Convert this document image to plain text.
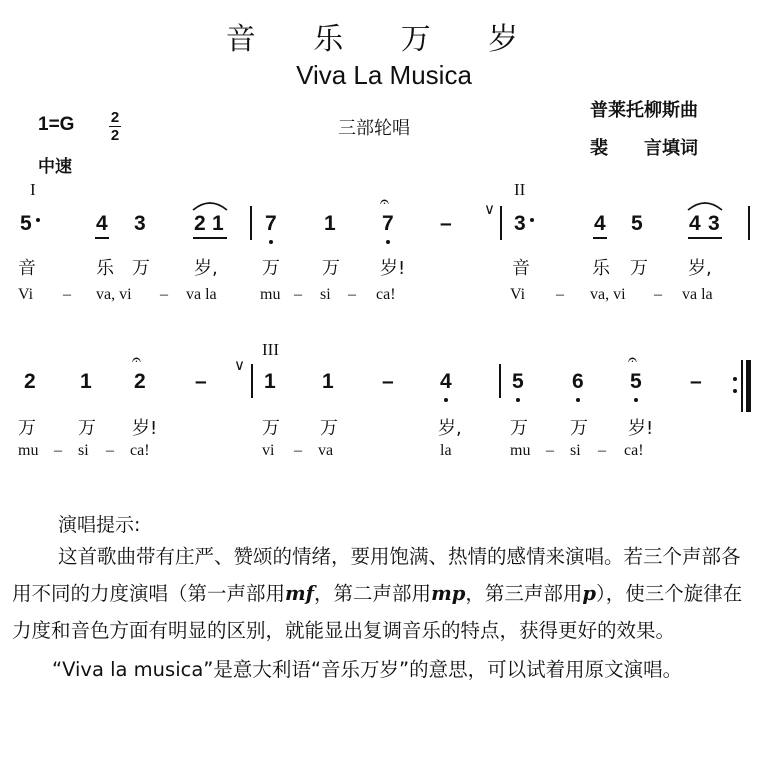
音 乐 万 岁
Viva La Musica
1=G 2
2	三部轮唱
普莱托柳斯曲
裴　　言填词
中速
I	II
5	4 3 2 1 7 1 7
𝄐
–
∨
3	4 5 4 3
音	乐 万 岁, 万 万 岁!	音	乐 万 岁,
Vi – va, vi – va la	mu – si – ca!	Vi – va, vi – va la
III
2 1 2
𝄐
–
∨
1 1 – 4	5 6 5
𝄐
–
万 万 岁!	万 万	岁,	万 万 岁!
mu – si – ca!	vi – va	la	mu – si – ca!
演唱提示:

这首歌曲带有庄严、赞颂的情绪，要用饱满、热情的感情来演唱。若三个声部各用不同的力度演唱（第一声部用mf，第二声部用mp，第三声部用p），使三个旋律在力度和音色方面有明显的区别，就能显出复调音乐的特点，获得更好的效果。

“Viva la musica”是意大利语“音乐万岁”的意思，可以试着用原文演唱。
